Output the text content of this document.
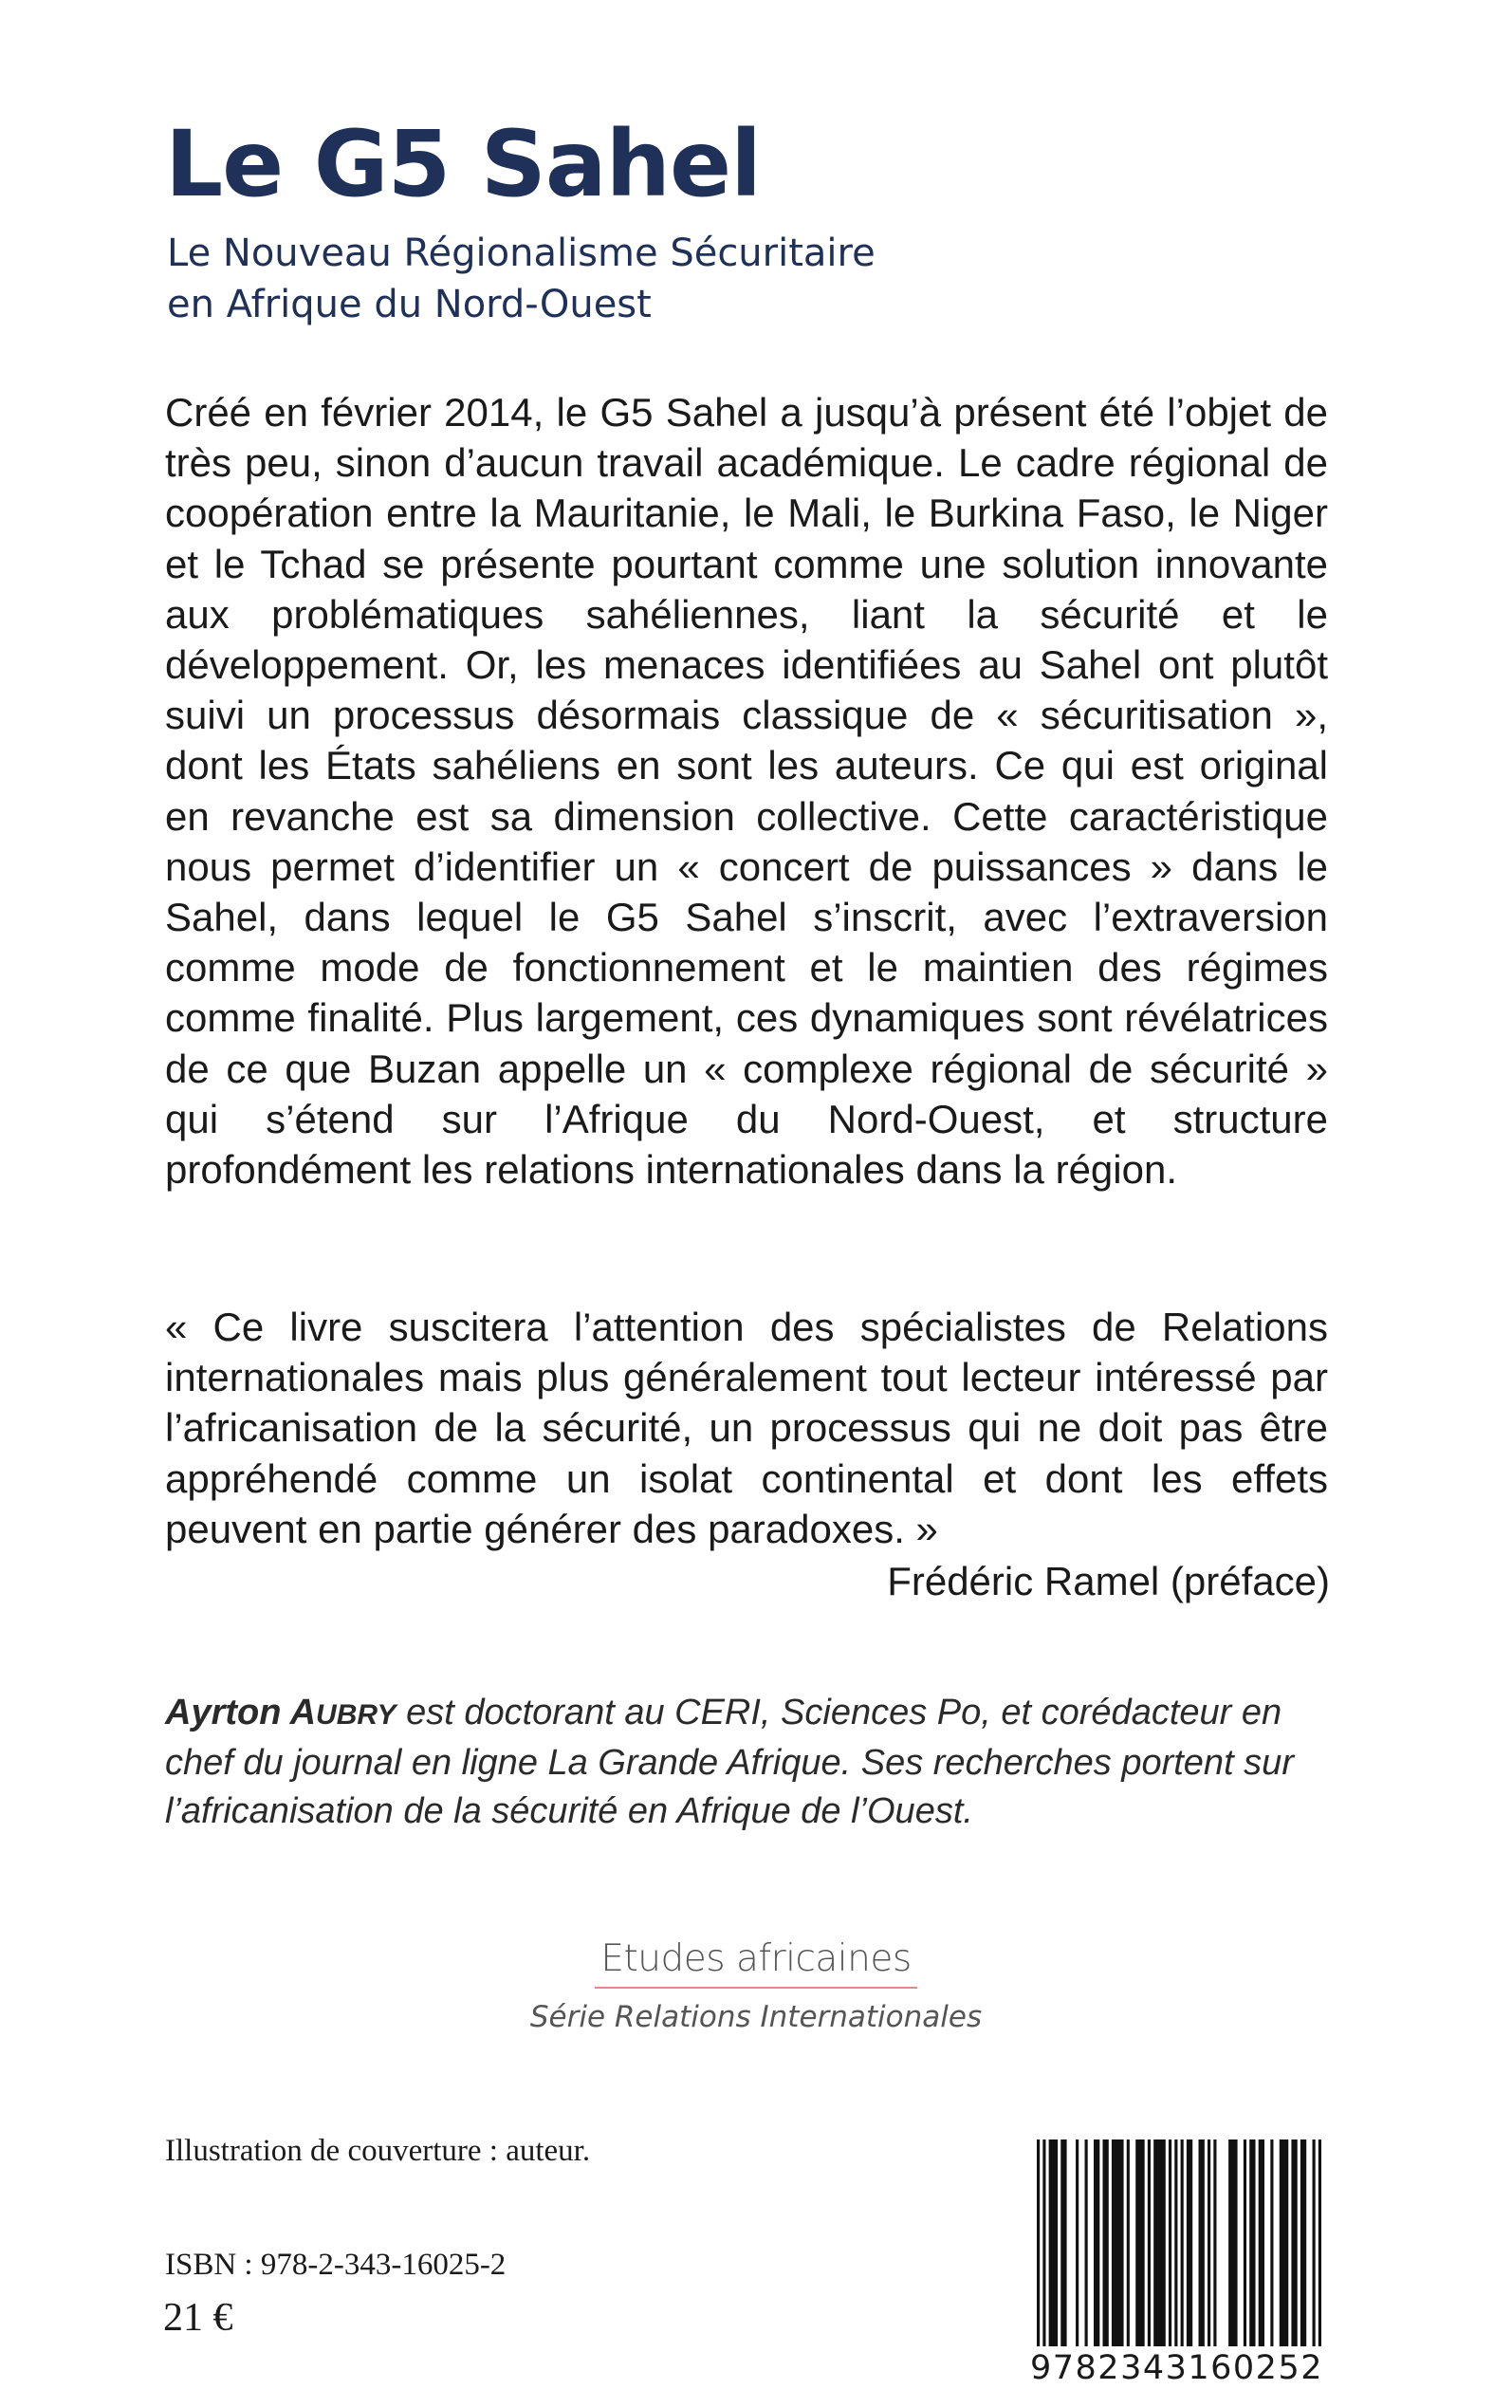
Le G5 Sahel
Le Nouveau Régionalisme Sécuritaire
en Afrique du Nord-Ouest

Créé en février 2014, le G5 Sahel a jusqu’à présent été l’objet de très peu, sinon d’aucun travail académique. Le cadre régional de coopération entre la Mauritanie, le Mali, le Burkina Faso, le Niger et le Tchad se présente pourtant comme une solution innovante aux problématiques sahéliennes, liant la sécurité et le développement. Or, les menaces identifiées au Sahel ont plutôt suivi un processus désormais classique de « sécuritisation », dont les États sahéliens en sont les auteurs. Ce qui est original en revanche est sa dimension collective. Cette caractéristique nous permet d’identifier un « concert de puissances » dans le Sahel, dans lequel le G5 Sahel s’inscrit, avec l’extraversion comme mode de fonctionnement et le maintien des régimes comme finalité. Plus largement, ces dynamiques sont révélatrices de ce que Buzan appelle un « complexe régional de sécurité » qui s’étend sur l’Afrique du Nord-Ouest, et structure profondément les relations internationales dans la région.

« Ce livre suscitera l’attention des spécialistes de Relations internationales mais plus généralement tout lecteur intéressé par l’africanisation de la sécurité, un processus qui ne doit pas être appréhendé comme un isolat continental et dont les effets peuvent en partie générer des paradoxes. »

Frédéric Ramel (préface)
Ayrton AUBRY est doctorant au CERI, Sciences Po, et corédacteur en chef du journal en ligne La Grande Afrique. Ses recherches portent sur l’africanisation de la sécurité en Afrique de l’Ouest.
Etudes africaines
Série Relations Internationales
Illustration de couverture : auteur.
ISBN : 978-2-343-16025-2
21 €
9782343160252
